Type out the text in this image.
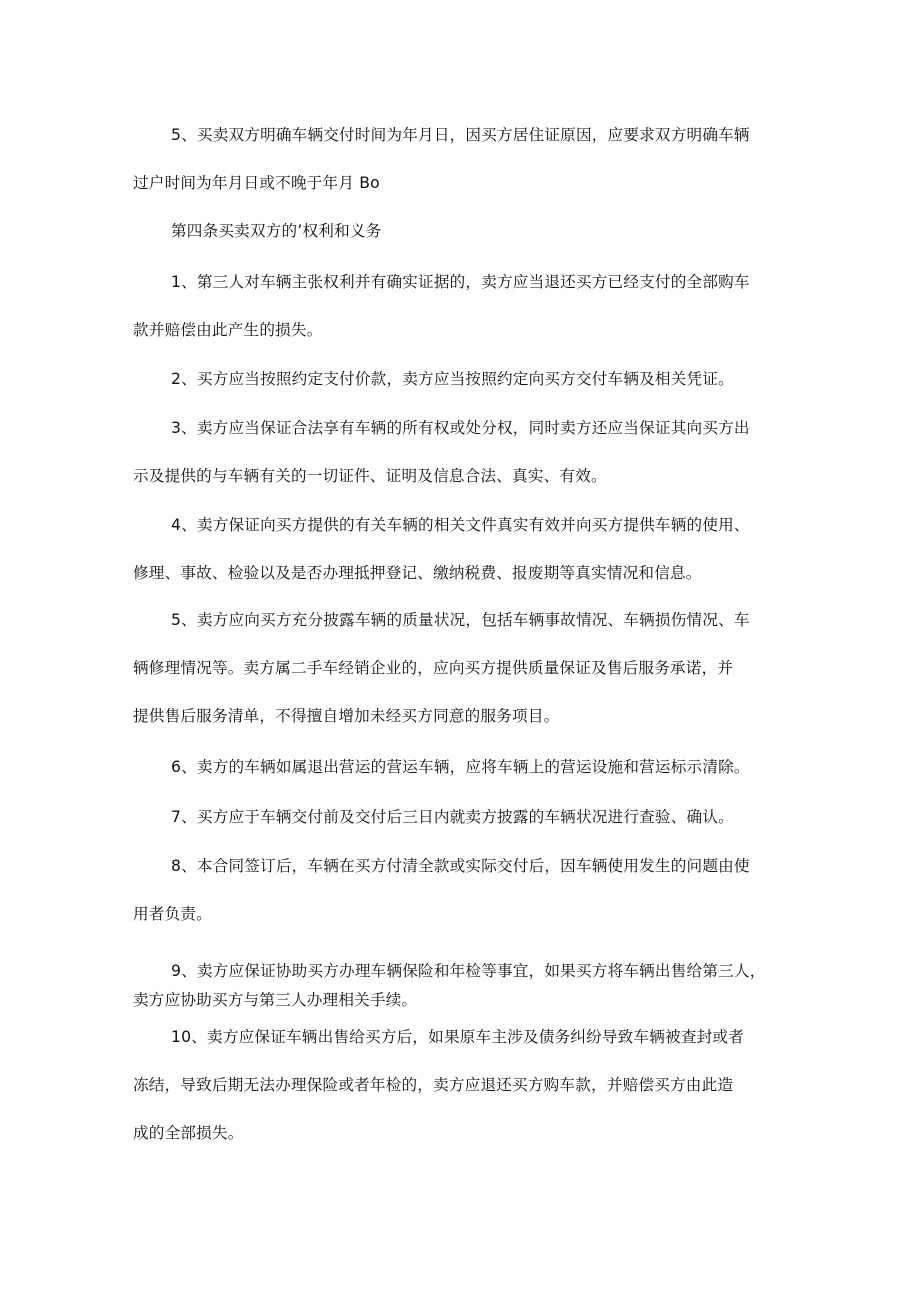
5、买卖双方明确车辆交付时间为年月日，因买方居住证原因，应要求双方明确车辆
过户时间为年月日或不晚于年月 Bo

第四条买卖双方的’权利和义务

1、第三人对车辆主张权利并有确实证据的，卖方应当退还买方已经支付的全部购车
款并赔偿由此产生的损失。

2、买方应当按照约定支付价款，卖方应当按照约定向买方交付车辆及相关凭证。

3、卖方应当保证合法享有车辆的所有权或处分权，同时卖方还应当保证其向买方出
示及提供的与车辆有关的一切证件、证明及信息合法、真实、有效。

4、卖方保证向买方提供的有关车辆的相关文件真实有效并向买方提供车辆的使用、
修理、事故、检验以及是否办理抵押登记、缴纳税费、报废期等真实情况和信息。

5、卖方应向买方充分披露车辆的质量状况，包括车辆事故情况、车辆损伤情况、车
辆修理情况等。卖方属二手车经销企业的，应向买方提供质量保证及售后服务承诺，并
提供售后服务清单，不得擅自增加未经买方同意的服务项目。

6、卖方的车辆如属退出营运的营运车辆，应将车辆上的营运设施和营运标示清除。

7、买方应于车辆交付前及交付后三日内就卖方披露的车辆状况进行查验、确认。

8、本合同签订后，车辆在买方付清全款或实际交付后，因车辆使用发生的问题由使
用者负责。

9、卖方应保证协助买方办理车辆保险和年检等事宜，如果买方将车辆出售给第三人，
卖方应协助买方与第三人办理相关手续。

10、卖方应保证车辆出售给买方后，如果原车主涉及债务纠纷导致车辆被查封或者
冻结，导致后期无法办理保险或者年检的，卖方应退还买方购车款，并赔偿买方由此造
成的全部损失。
